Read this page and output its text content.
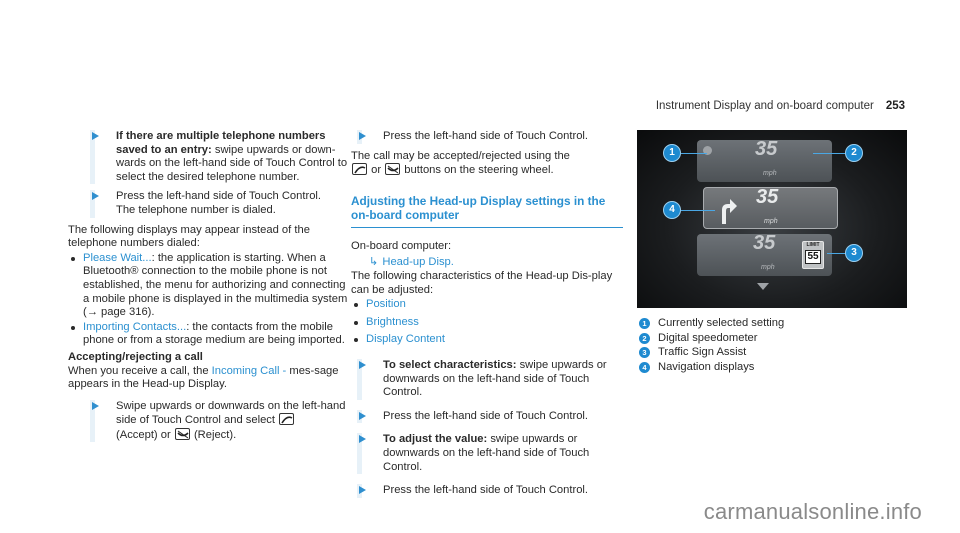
Instrument Display and on-board computer 253

If there are multiple telephone numbers saved to an entry: swipe upwards or down-wards on the left-hand side of Touch Control to select the desired telephone number.

Press the left-hand side of Touch Control.
The telephone number is dialed.

The following displays may appear instead of the telephone numbers dialed:

Please Wait...: the application is starting. When a Bluetooth® connection to the mobile phone is not established, the menu for authorizing and connecting a mobile phone is displayed in the multimedia system (→ page 316).
Importing Contacts...: the contacts from the mobile phone or from a storage medium are being imported.

Accepting/rejecting a call

When you receive a call, the Incoming Call - mes-sage appears in the Head-up Display.

Swipe upwards or downwards on the left-hand side of Touch Control and select

(Accept) or (Reject).

Press the left-hand side of Touch Control.

The call may be accepted/rejected using the

or buttons on the steering wheel.

Adjusting the Head-up Display settings in the on-board computer

On-board computer:

↳ Head-up Disp.

The following characteristics of the Head-up Dis-play can be adjusted:

Position
Brightness
Display Content

To select characteristics: swipe upwards or downwards on the left-hand side of Touch Control.

Press the left-hand side of Touch Control.

To adjust the value: swipe upwards or downwards on the left-hand side of Touch Control.

Press the left-hand side of Touch Control.

35
mph
35
mph
35
mph
LIMIT
55
1	2
3
4
1	Currently selected setting
2	Digital speedometer
3	Traffic Sign Assist
4	Navigation displays
carmanualsonline.info
